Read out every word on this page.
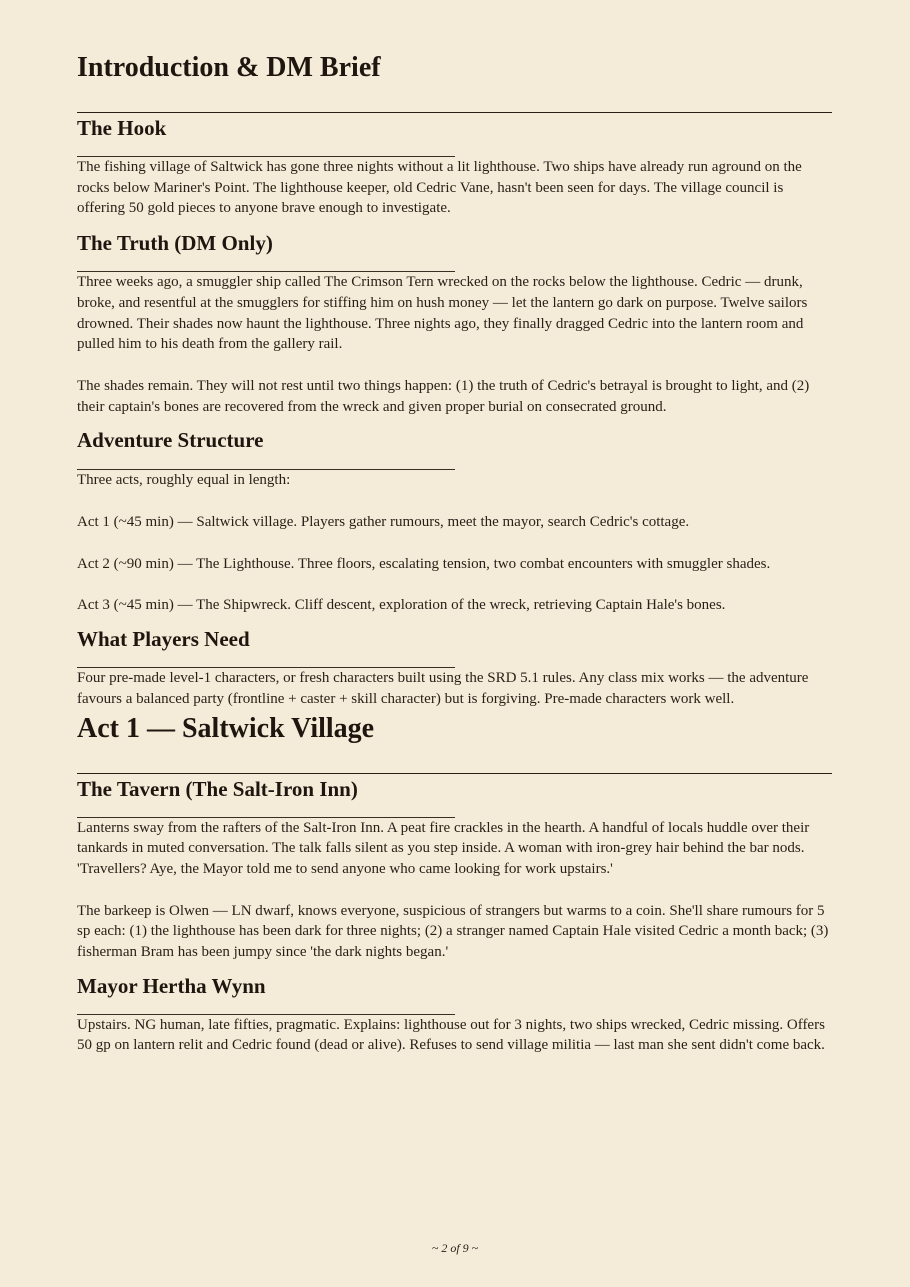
Introduction & DM Brief
The Hook

The fishing village of Saltwick has gone three nights without a lit lighthouse. Two ships have already run aground on the rocks below Mariner's Point. The lighthouse keeper, old Cedric Vane, hasn't been seen for days. The village council is offering 50 gold pieces to anyone brave enough to investigate.

The Truth (DM Only)

Three weeks ago, a smuggler ship called The Crimson Tern wrecked on the rocks below the lighthouse. Cedric — drunk, broke, and resentful at the smugglers for stiffing him on hush money — let the lantern go dark on purpose. Twelve sailors drowned. Their shades now haunt the lighthouse. Three nights ago, they finally dragged Cedric into the lantern room and pulled him to his death from the gallery rail.

The shades remain. They will not rest until two things happen: (1) the truth of Cedric's betrayal is brought to light, and (2) their captain's bones are recovered from the wreck and given proper burial on consecrated ground.

Adventure Structure

Three acts, roughly equal in length:

Act 1 (~45 min) — Saltwick village. Players gather rumours, meet the mayor, search Cedric's cottage.

Act 2 (~90 min) — The Lighthouse. Three floors, escalating tension, two combat encounters with smuggler shades.

Act 3 (~45 min) — The Shipwreck. Cliff descent, exploration of the wreck, retrieving Captain Hale's bones.

What Players Need

Four pre-made level-1 characters, or fresh characters built using the SRD 5.1 rules. Any class mix works — the adventure favours a balanced party (frontline + caster + skill character) but is forgiving. Pre-made characters work well.

Act 1 — Saltwick Village
The Tavern (The Salt-Iron Inn)

Lanterns sway from the rafters of the Salt-Iron Inn. A peat fire crackles in the hearth. A handful of locals huddle over their tankards in muted conversation. The talk falls silent as you step inside. A woman with iron-grey hair behind the bar nods. 'Travellers? Aye, the Mayor told me to send anyone who came looking for work upstairs.'

The barkeep is Olwen — LN dwarf, knows everyone, suspicious of strangers but warms to a coin. She'll share rumours for 5 sp each: (1) the lighthouse has been dark for three nights; (2) a stranger named Captain Hale visited Cedric a month back; (3) fisherman Bram has been jumpy since 'the dark nights began.'

Mayor Hertha Wynn

Upstairs. NG human, late fifties, pragmatic. Explains: lighthouse out for 3 nights, two ships wrecked, Cedric missing. Offers 50 gp on lantern relit and Cedric found (dead or alive). Refuses to send village militia — last man she sent didn't come back.

~ 2 of 9 ~
